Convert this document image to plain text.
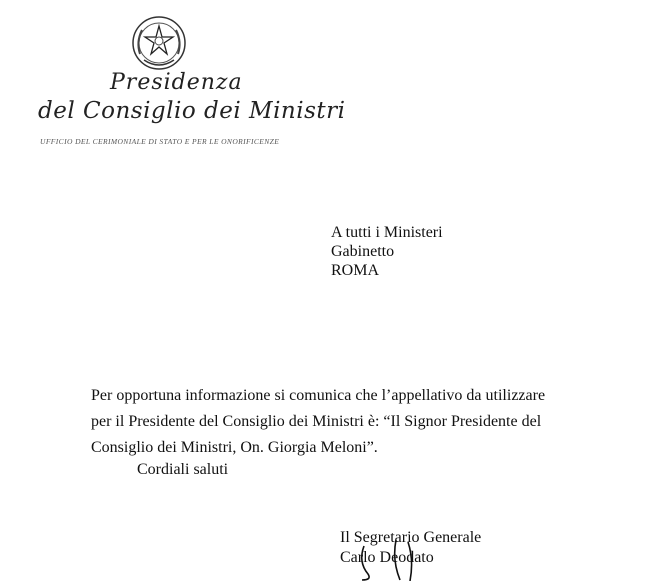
Presidenza
del Consiglio dei Ministri
UFFICIO DEL CERIMONIALE DI STATO E PER LE ONORIFICENZE
A tutti i Ministeri
Gabinetto
ROMA

Per opportuna informazione si comunica che l’appellativo da utilizzare per il Presidente del Consiglio dei Ministri è: “Il Signor Presidente del Consiglio dei Ministri, On. Giorgia Meloni”.

Cordiali saluti
Il Segretario Generale
Carlo Deodato
